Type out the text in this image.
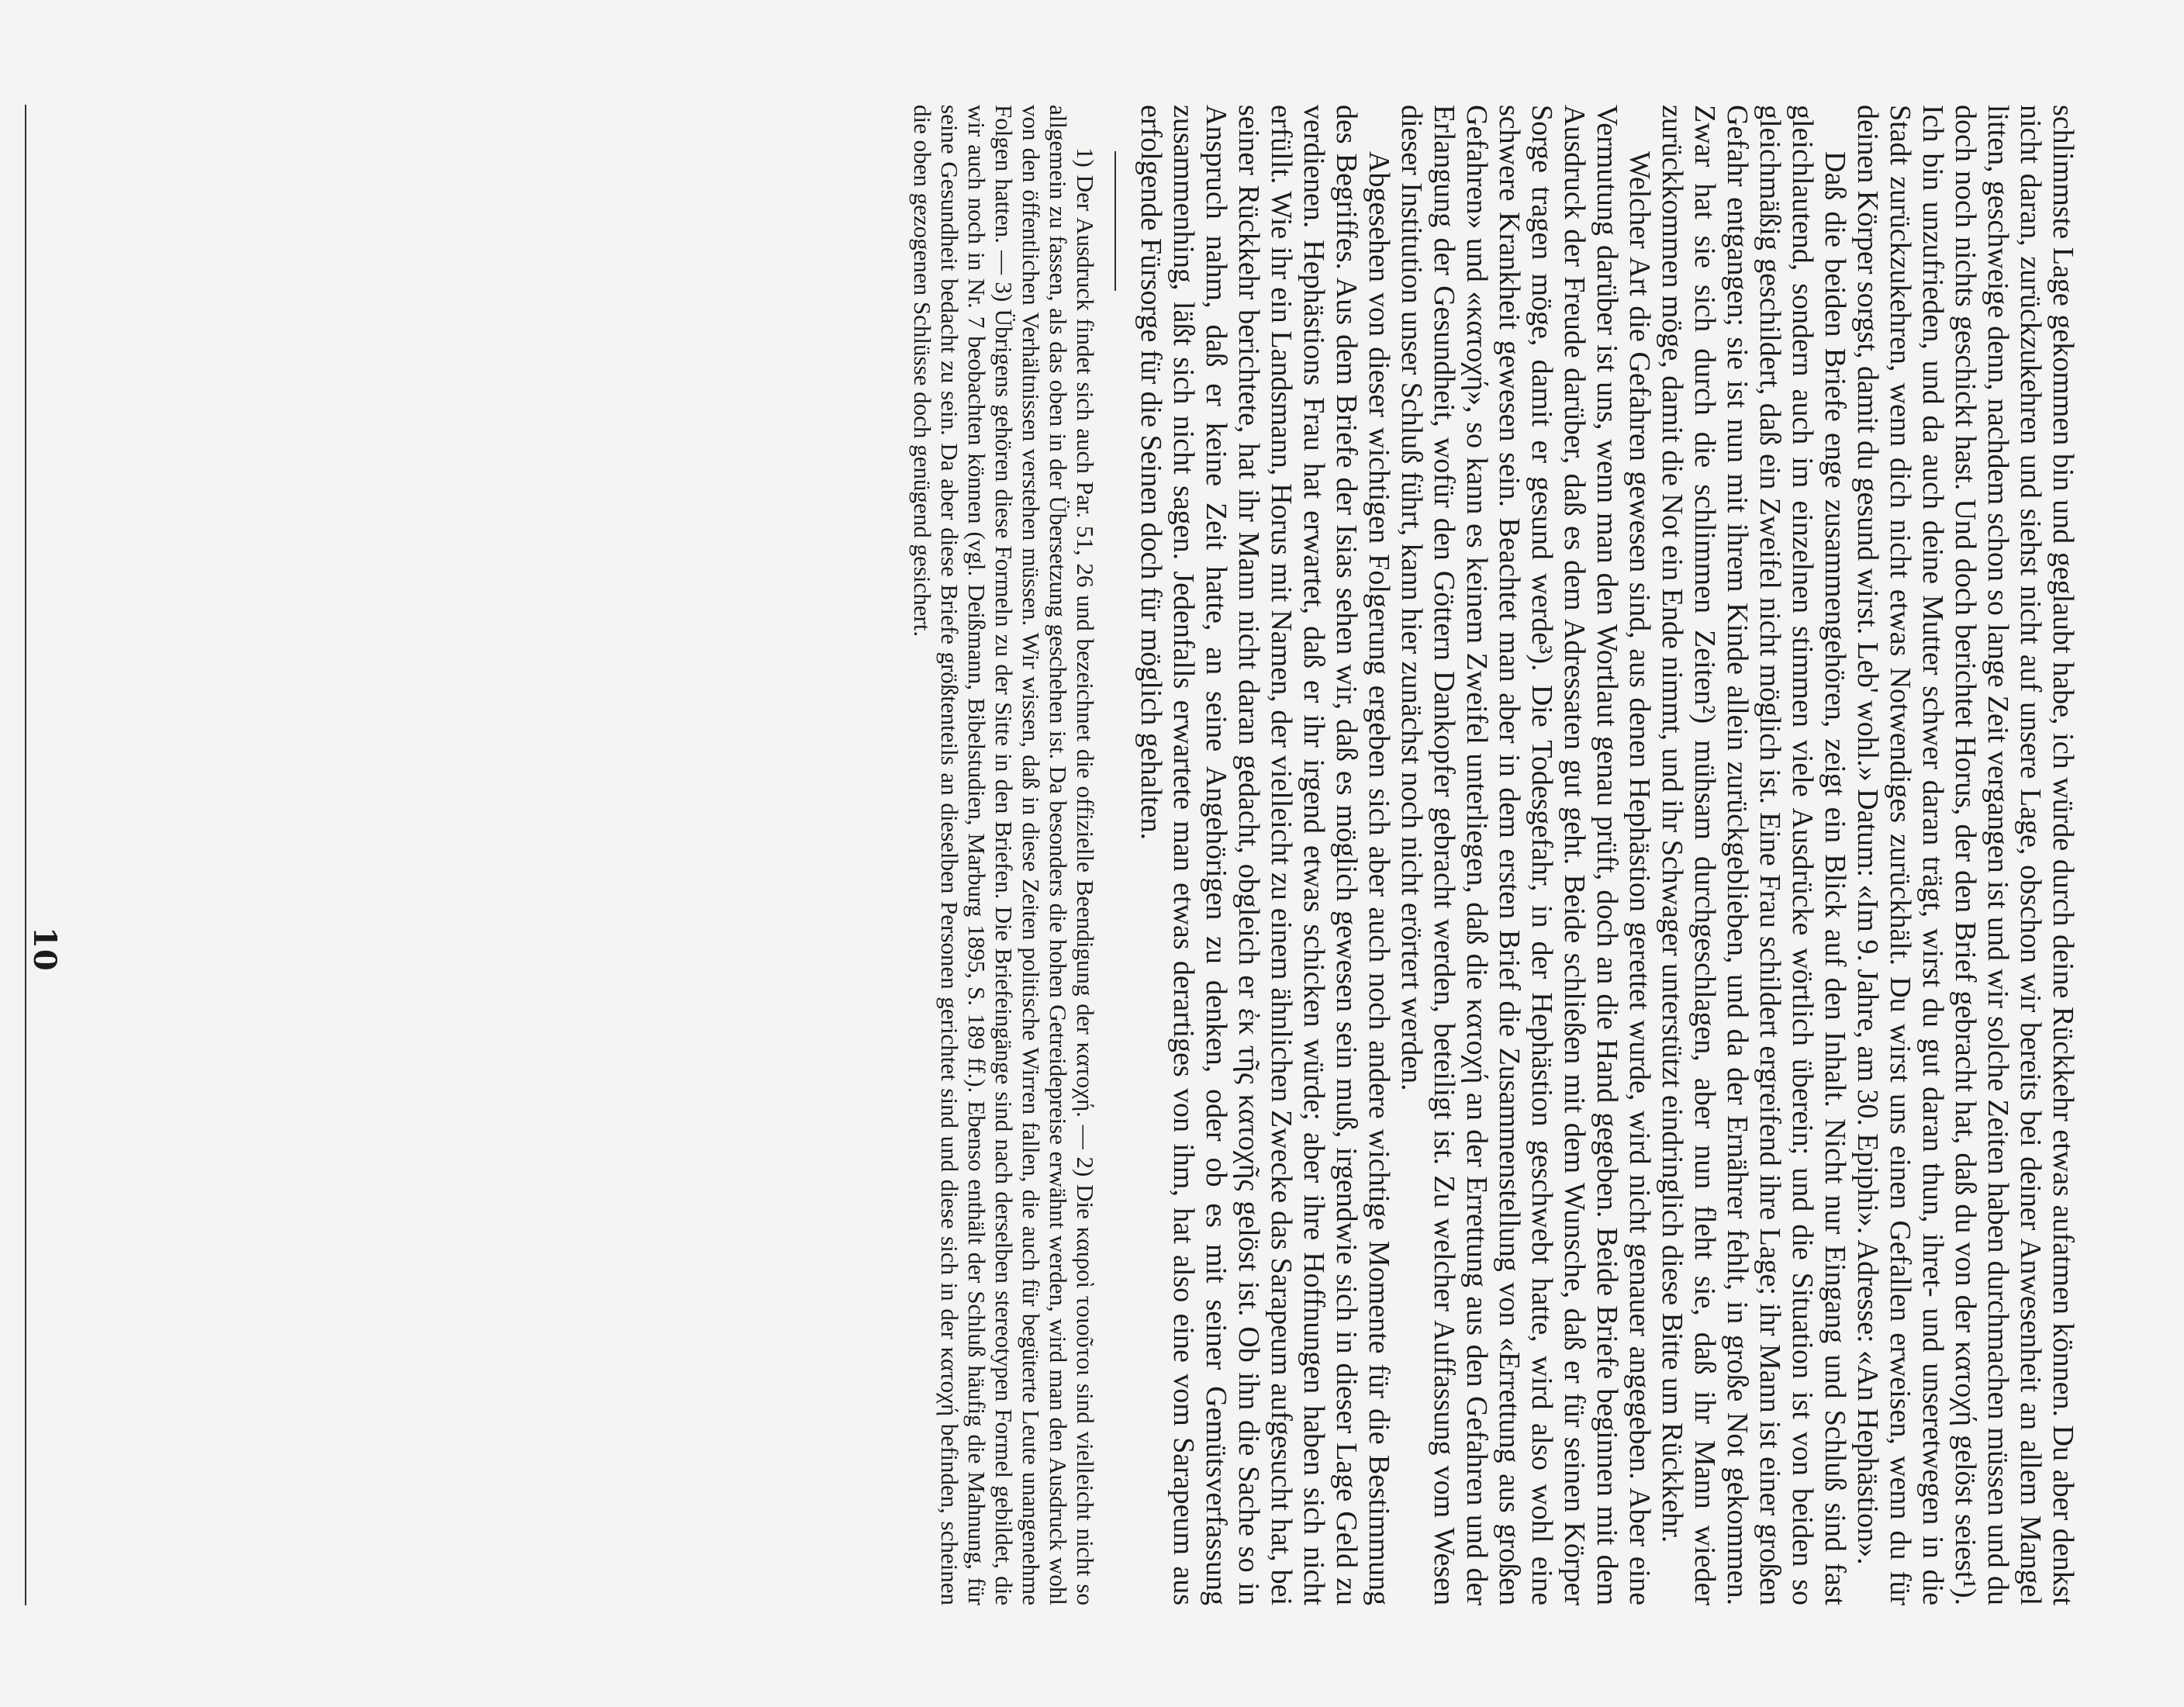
schlimmste Lage gekommen bin und geglaubt habe, ich würde durch deine Rückkehr etwas aufatmen können. Du aber denkst nicht daran, zurückzukehren und siehst nicht auf unsere Lage, obschon wir bereits bei deiner Anwesenheit an allem Mangel litten, geschweige denn, nachdem schon so lange Zeit vergangen ist und wir solche Zeiten haben durchmachen müssen und du doch noch nichts geschickt hast. Und doch berichtet Horus, der den Brief gebracht hat, daß du von der κατοχή gelöst seiest¹). Ich bin unzufrieden, und da auch deine Mutter schwer daran trägt, wirst du gut daran thun, ihret- und unseretwegen in die Stadt zurückzukehren, wenn dich nicht etwas Notwendiges zurückhält. Du wirst uns einen Gefallen erweisen, wenn du für deinen Körper sorgst, damit du gesund wirst. Leb' wohl.» Datum: «Im 9. Jahre, am 30. Epiphi». Adresse: «An Hephästion».

Daß die beiden Briefe enge zusammengehören, zeigt ein Blick auf den Inhalt. Nicht nur Eingang und Schluß sind fast gleichlautend, sondern auch im einzelnen stimmen viele Ausdrücke wörtlich überein; und die Situation ist von beiden so gleichmäßig geschildert, daß ein Zweifel nicht möglich ist. Eine Frau schildert ergreifend ihre Lage; ihr Mann ist einer großen Gefahr entgangen; sie ist nun mit ihrem Kinde allein zurückgeblieben, und da der Ernährer fehlt, in große Not gekommen. Zwar hat sie sich durch die schlimmen Zeiten²) mühsam durchgeschlagen, aber nun fleht sie, daß ihr Mann wieder zurückkommen möge, damit die Not ein Ende nimmt, und ihr Schwager unterstützt eindringlich diese Bitte um Rückkehr.

Welcher Art die Gefahren gewesen sind, aus denen Hephästion gerettet wurde, wird nicht genauer angegeben. Aber eine Vermutung darüber ist uns, wenn man den Wortlaut genau prüft, doch an die Hand gegeben. Beide Briefe beginnen mit dem Ausdruck der Freude darüber, daß es dem Adressaten gut geht. Beide schließen mit dem Wunsche, daß er für seinen Körper Sorge tragen möge, damit er gesund werde³). Die Todesgefahr, in der Hephästion geschwebt hatte, wird also wohl eine schwere Krankheit gewesen sein. Beachtet man aber in dem ersten Brief die Zusammenstellung von «Errettung aus großen Gefahren» und «κατοχή», so kann es keinem Zweifel unterliegen, daß die κατοχή an der Errettung aus den Gefahren und der Erlangung der Gesundheit, wofür den Göttern Dankopfer gebracht werden, beteiligt ist. Zu welcher Auffassung vom Wesen dieser Institution unser Schluß führt, kann hier zunächst noch nicht erörtert werden.

Abgesehen von dieser wichtigen Folgerung ergeben sich aber auch noch andere wichtige Momente für die Bestimmung des Begriffes. Aus dem Briefe der Isias sehen wir, daß es möglich gewesen sein muß, irgendwie sich in dieser Lage Geld zu verdienen. Hephästions Frau hat erwartet, daß er ihr irgend etwas schicken würde; aber ihre Hoffnungen haben sich nicht erfüllt. Wie ihr ein Landsmann, Horus mit Namen, der vielleicht zu einem ähnlichen Zwecke das Sarapeum aufgesucht hat, bei seiner Rückkehr berichtete, hat ihr Mann nicht daran gedacht, obgleich er ἐκ τῆς κατοχῆς gelöst ist. Ob ihn die Sache so in Anspruch nahm, daß er keine Zeit hatte, an seine Angehörigen zu denken, oder ob es mit seiner Gemütsverfassung zusammenhing, läßt sich nicht sagen. Jedenfalls erwartete man etwas derartiges von ihm, hat also eine vom Sarapeum aus erfolgende Fürsorge für die Seinen doch für möglich gehalten.

1) Der Ausdruck findet sich auch Par. 51, 26 und bezeichnet die offizielle Beendigung der κατοχή. — 2) Die καιροὶ τοιοῦτοι sind vielleicht nicht so allgemein zu fassen, als das oben in der Übersetzung geschehen ist. Da besonders die hohen Getreidepreise erwähnt werden, wird man den Ausdruck wohl von den öffentlichen Verhältnissen verstehen müssen. Wir wissen, daß in diese Zeiten politische Wirren fallen, die auch für begüterte Leute unangenehme Folgen hatten. — 3) Übrigens gehören diese Formeln zu der Sitte in den Briefen. Die Briefeingänge sind nach derselben stereotypen Formel gebildet, die wir auch noch in Nr. 7 beobachten können (vgl. Deißmann, Bibelstudien, Marburg 1895, S. 189 ff.). Ebenso enthält der Schluß häufig die Mahnung, für seine Gesundheit bedacht zu sein. Da aber diese Briefe größtenteils an dieselben Personen gerichtet sind und diese sich in der κατοχή befinden, scheinen die oben gezogenen Schlüsse doch genügend gesichert.

10
